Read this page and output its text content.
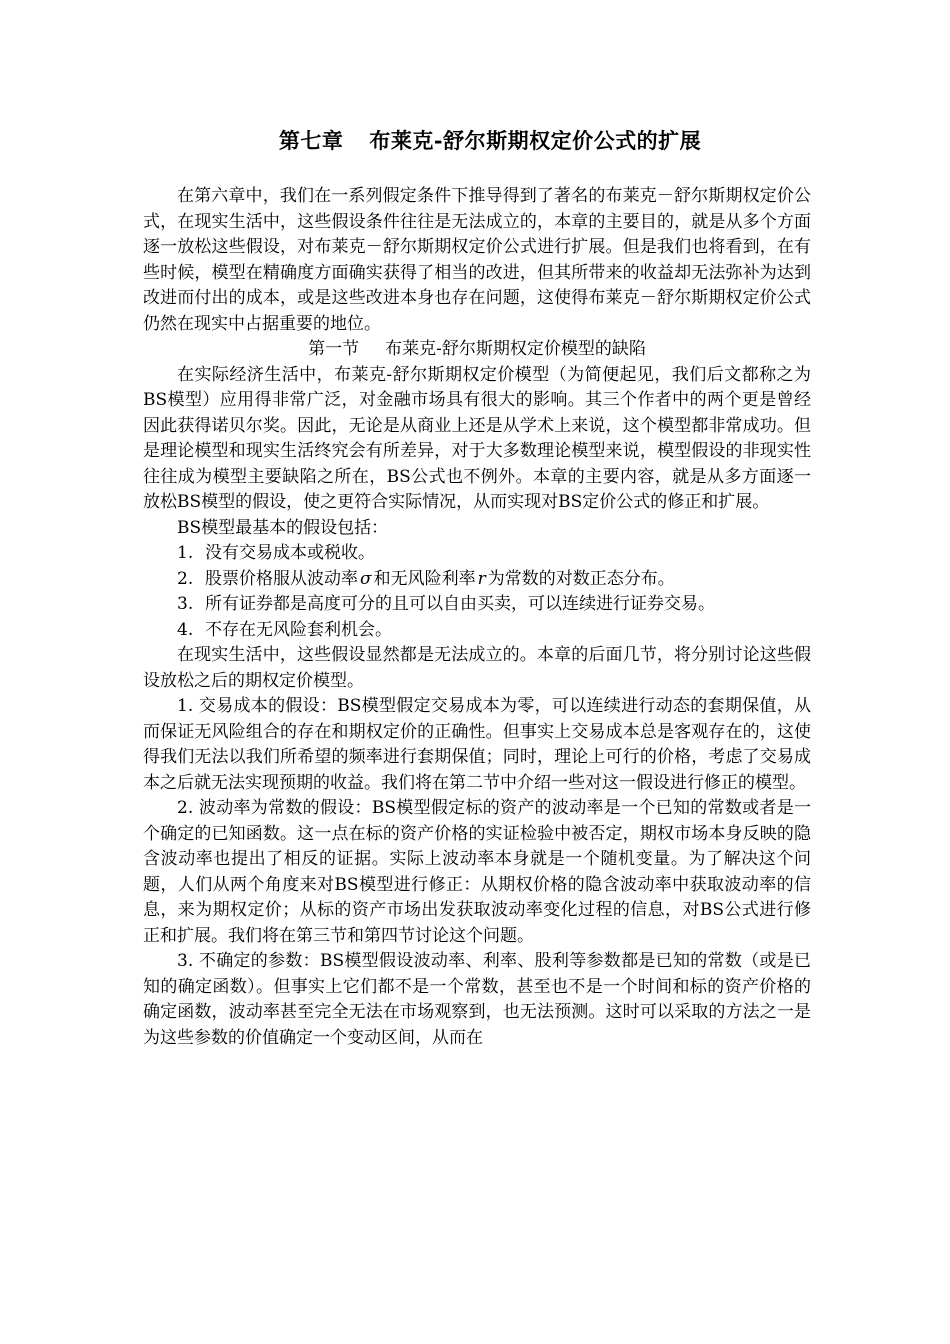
第七章 布莱克-舒尔斯期权定价公式的扩展

在第六章中，我们在一系列假定条件下推导得到了著名的布莱克－舒尔斯期权定价公式，在现实生活中，这些假设条件往往是无法成立的，本章的主要目的，就是从多个方面逐一放松这些假设，对布莱克－舒尔斯期权定价公式进行扩展。但是我们也将看到，在有些时候，模型在精确度方面确实获得了相当的改进，但其所带来的收益却无法弥补为达到改进而付出的成本，或是这些改进本身也存在问题，这使得布莱克－舒尔斯期权定价公式仍然在现实中占据重要的地位。

第一节 布莱克-舒尔斯期权定价模型的缺陷

在实际经济生活中，布莱克-舒尔斯期权定价模型（为简便起见，我们后文都称之为BS模型）应用得非常广泛，对金融市场具有很大的影响。其三个作者中的两个更是曾经因此获得诺贝尔奖。因此，无论是从商业上还是从学术上来说，这个模型都非常成功。但是理论模型和现实生活终究会有所差异，对于大多数理论模型来说，模型假设的非现实性往往成为模型主要缺陷之所在，BS公式也不例外。本章的主要内容，就是从多方面逐一放松BS模型的假设，使之更符合实际情况，从而实现对BS定价公式的修正和扩展。

BS模型最基本的假设包括：

1. 没有交易成本或税收。

2. 股票价格服从波动率 σ 和无风险利率 r 为常数的对数正态分布。

3. 所有证券都是高度可分的且可以自由买卖，可以连续进行证券交易。

4. 不存在无风险套利机会。

在现实生活中，这些假设显然都是无法成立的。本章的后面几节，将分别讨论这些假设放松之后的期权定价模型。

1. 交易成本的假设：BS模型假定交易成本为零，可以连续进行动态的套期保值，从而保证无风险组合的存在和期权定价的正确性。但事实上交易成本总是客观存在的，这使得我们无法以我们所希望的频率进行套期保值；同时，理论上可行的价格，考虑了交易成本之后就无法实现预期的收益。我们将在第二节中介绍一些对这一假设进行修正的模型。

2. 波动率为常数的假设：BS模型假定标的资产的波动率是一个已知的常数或者是一个确定的已知函数。这一点在标的资产价格的实证检验中被否定，期权市场本身反映的隐含波动率也提出了相反的证据。实际上波动率本身就是一个随机变量。为了解决这个问题，人们从两个角度来对BS模型进行修正：从期权价格的隐含波动率中获取波动率的信息，来为期权定价；从标的资产市场出发获取波动率变化过程的信息，对BS公式进行修正和扩展。我们将在第三节和第四节讨论这个问题。

3. 不确定的参数：BS模型假设波动率、利率、股利等参数都是已知的常数（或是已知的确定函数）。但事实上它们都不是一个常数，甚至也不是一个时间和标的资产价格的确定函数，波动率甚至完全无法在市场观察到，也无法预测。这时可以采取的方法之一是为这些参数的价值确定一个变动区间，从而在
